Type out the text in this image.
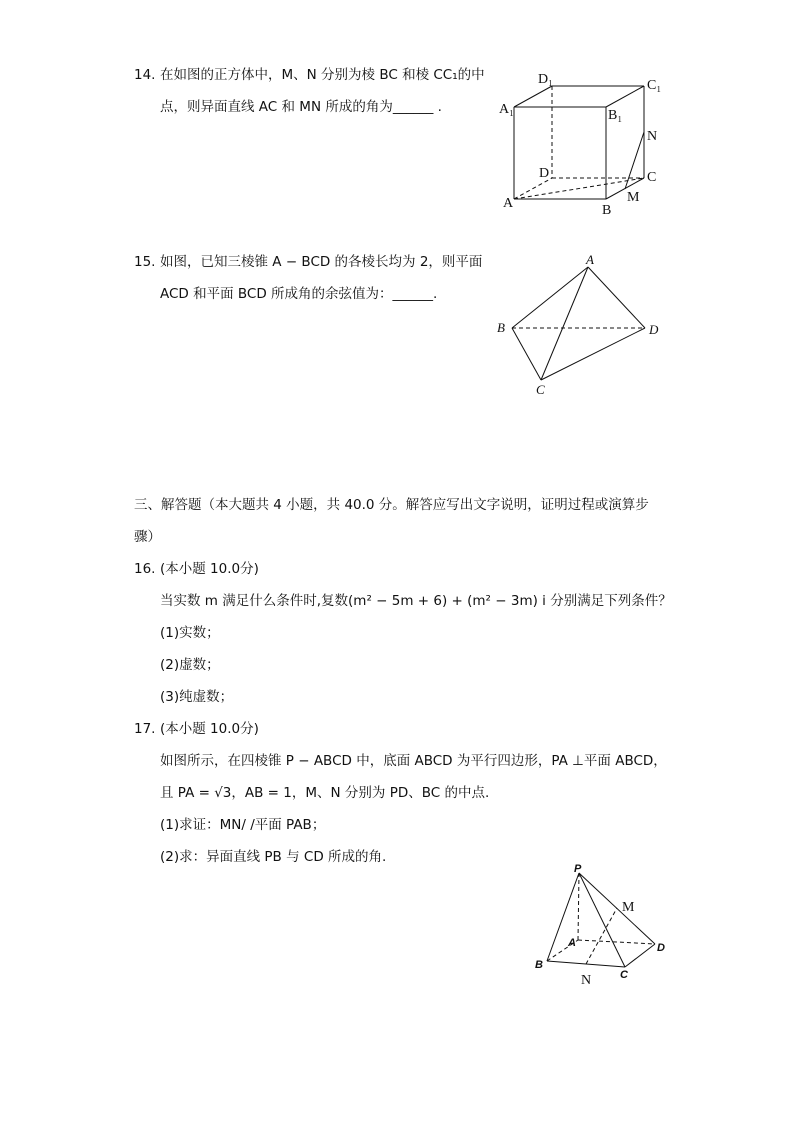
14. 在如图的正方体中，M、N 分别为棱 BC 和棱 CC₁的中
点，则异面直线 AC 和 MN 所成的角为______ .
D₁	C₁
A₁	B₁
N
D	C
M
A	B
15. 如图，已知三棱锥 A − BCD 的各棱长均为 2，则平面
ACD 和平面 BCD 所成角的余弦值为：______.
A
B	D
C
三、解答题（本大题共 4 小题，共 40.0 分。解答应写出文字说明，证明过程或演算步
骤）
16. (本小题 10.0分)
当实数 m 满足什么条件时,复数(m² − 5m + 6) + (m² − 3m) i 分别满足下列条件？
(1)实数；
(2)虚数；
(3)纯虚数；
17. (本小题 10.0分)
如图所示，在四棱锥 P − ABCD 中，底面 ABCD 为平行四边形，PA ⊥平面 ABCD，
且 PA = √3，AB = 1，M、N 分别为 PD、BC 的中点.
(1)求证：MN/ /平面 PAB；
(2)求：异面直线 PB 与 CD 所成的角.
P
M
A	D
B
C
N
